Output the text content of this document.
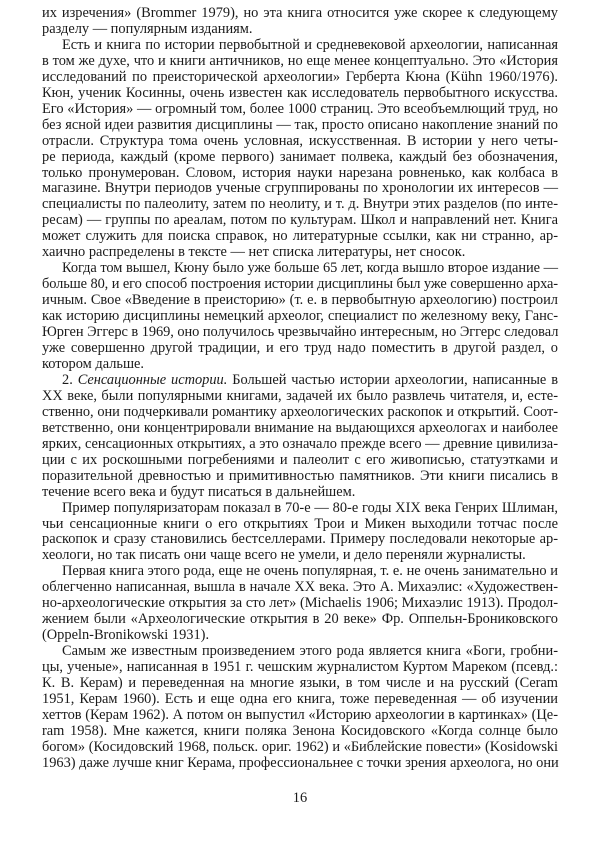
их изречения» (Brommer 1979), но эта книга относится уже скорее к следующему
разделу — популярным изданиям.
Есть и книга по истории первобытной и средневековой археологии, написанная
в том же духе, что и книги античников, но еще менее концептуально. Это «История
исследований по преисторической археологии» Герберта Кюна (Kühn 1960/1976).
Кюн, ученик Косинны, очень известен как исследователь первобытного искусства.
Его «История» — огромный том, более 1000 страниц. Это всеобъемлющий труд, но
без ясной идеи развития дисциплины — так, просто описано накопление знаний по
отрасли. Структура тома очень условная, искусственная. В истории у него четы-
ре периода, каждый (кроме первого) занимает полвека, каждый без обозначения,
только пронумерован. Словом, история науки нарезана ровненько, как колбаса в
магазине. Внутри периодов ученые сгруппированы по хронологии их интересов —
специалисты по палеолиту, затем по неолиту, и т. д. Внутри этих разделов (по инте-
ресам) — группы по ареалам, потом по культурам. Школ и направлений нет. Книга
может служить для поиска справок, но литературные ссылки, как ни странно, ар-
хаично распределены в тексте — нет списка литературы, нет сносок.
Когда том вышел, Кюну было уже больше 65 лет, когда вышло второе издание —
больше 80, и его способ построения истории дисциплины был уже совершенно арха-
ичным. Свое «Введение в преисторию» (т. е. в первобытную археологию) построил
как историю дисциплины немецкий археолог, специалист по железному веку, Ганс-
Юрген Эггерс в 1969, оно получилось чрезвычайно интересным, но Эггерс следовал
уже совершенно другой традиции, и его труд надо поместить в другой раздел, о
котором дальше.
2. Сенсационные истории. Большей частью истории археологии, написанные в
XX веке, были популярными книгами, задачей их было развлечь читателя, и, есте-
ственно, они подчеркивали романтику археологических раскопок и открытий. Соот-
ветственно, они концентрировали внимание на выдающихся археологах и наиболее
ярких, сенсационных открытиях, а это означало прежде всего — древние цивилиза-
ции с их роскошными погребениями и палеолит с его живописью, статуэтками и
поразительной древностью и примитивностью памятников. Эти книги писались в
течение всего века и будут писаться в дальнейшем.
Пример популяризаторам показал в 70-е — 80-е годы XIX века Генрих Шлиман,
чьи сенсационные книги о его открытиях Трои и Микен выходили тотчас после
раскопок и сразу становились бестселлерами. Примеру последовали некоторые ар-
хеологи, но так писать они чаще всего не умели, и дело переняли журналисты.
Первая книга этого рода, еще не очень популярная, т. е. не очень занимательно и
облегченно написанная, вышла в начале XX века. Это А. Михаэлис: «Художествен-
но-археологические открытия за сто лет» (Michaelis 1906; Михаэлис 1913). Продол-
жением были «Археологические открытия в 20 веке» Фр. Оппельн-Брониковского
(Oppeln-Bronikowski 1931).
Самым же известным произведением этого рода является книга «Боги, гробни-
цы, ученые», написанная в 1951 г. чешским журналистом Куртом Мареком (псевд.:
К. В. Керам) и переведенная на многие языки, в том числе и на русский (Ceram
1951, Керам 1960). Есть и еще одна его книга, тоже переведенная — об изучении
хеттов (Керам 1962). А потом он выпустил «Историю археологии в картинках» (Це-
ram 1958). Мне кажется, книги поляка Зенона Косидовского «Когда солнце было
богом» (Косидовский 1968, польск. ориг. 1962) и «Библейские повести» (Kosidowski
1963) даже лучше книг Керама, профессиональнее с точки зрения археолога, но они
16
